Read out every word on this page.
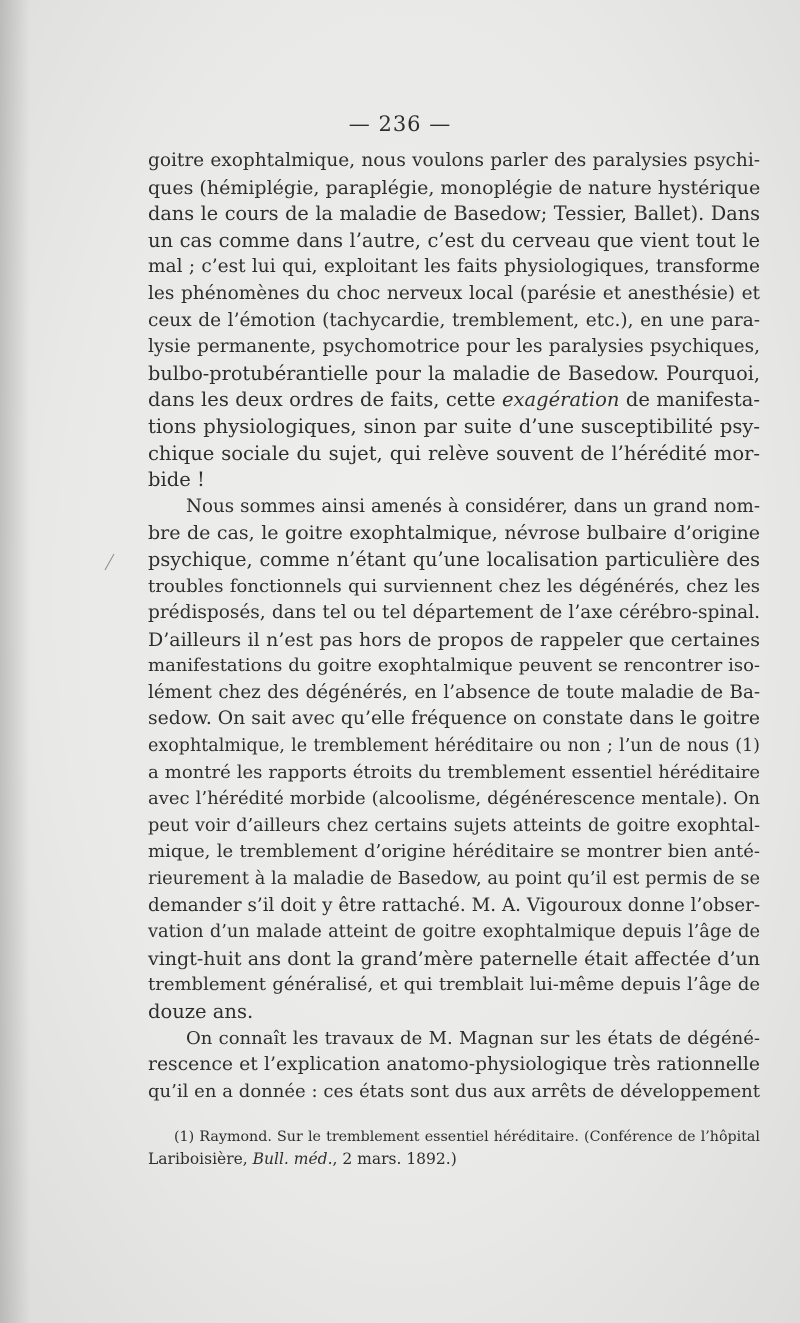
— 236 —
goitre exophtalmique, nous voulons parler des paralysies psychi-
ques (hémiplégie, paraplégie, monoplégie de nature hystérique
dans le cours de la maladie de Basedow; Tessier, Ballet). Dans
un cas comme dans l’autre, c’est du cerveau que vient tout le
mal ; c’est lui qui, exploitant les faits physiologiques, transforme
les phénomènes du choc nerveux local (parésie et anesthésie) et
ceux de l’émotion (tachycardie, tremblement, etc.), en une para-
lysie permanente, psychomotrice pour les paralysies psychiques,
bulbo-protubérantielle pour la maladie de Basedow. Pourquoi,
dans les deux ordres de faits, cette exagération de manifesta-
tions physiologiques, sinon par suite d’une susceptibilité psy-
chique sociale du sujet, qui relève souvent de l’hérédité mor-
bide !
Nous sommes ainsi amenés à considérer, dans un grand nom-
bre de cas, le goitre exophtalmique, névrose bulbaire d’origine
psychique, comme n’étant qu’une localisation particulière des
troubles fonctionnels qui surviennent chez les dégénérés, chez les
prédisposés, dans tel ou tel département de l’axe cérébro-spinal.
D’ailleurs il n’est pas hors de propos de rappeler que certaines
manifestations du goitre exophtalmique peuvent se rencontrer iso-
lément chez des dégénérés, en l’absence de toute maladie de Ba-
sedow. On sait avec qu’elle fréquence on constate dans le goitre
exophtalmique, le tremblement héréditaire ou non ; l’un de nous (1)
a montré les rapports étroits du tremblement essentiel héréditaire
avec l’hérédité morbide (alcoolisme, dégénérescence mentale). On
peut voir d’ailleurs chez certains sujets atteints de goitre exophtal-
mique, le tremblement d’origine héréditaire se montrer bien anté-
rieurement à la maladie de Basedow, au point qu’il est permis de se
demander s’il doit y être rattaché. M. A. Vigouroux donne l’obser-
vation d’un malade atteint de goitre exophtalmique depuis l’âge de
vingt-huit ans dont la grand’mère paternelle était affectée d’un
tremblement généralisé, et qui tremblait lui-même depuis l’âge de
douze ans.
On connaît les travaux de M. Magnan sur les états de dégéné-
rescence et l’explication anatomo-physiologique très rationnelle
qu’il en a donnée : ces états sont dus aux arrêts de développement
(1) Raymond. Sur le tremblement essentiel héréditaire. (Conférence de l’hôpital
Lariboisière, Bull. méd., 2 mars. 1892.)
